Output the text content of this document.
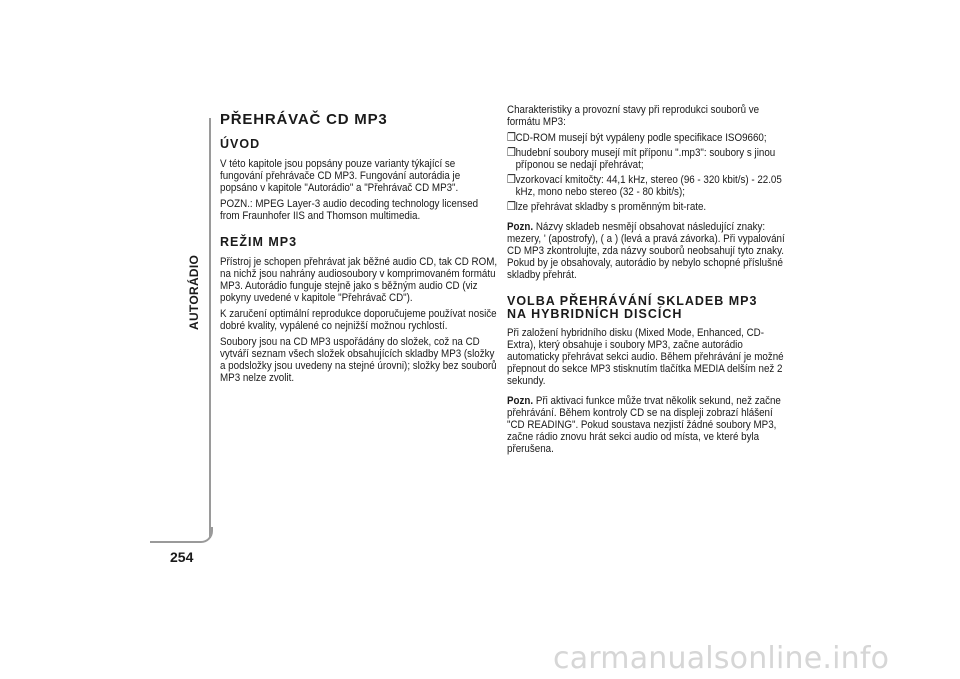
AUTORÁDIO
254
PŘEHRÁVAČ CD MP3
ÚVOD

V této kapitole jsou popsány pouze varianty týkající se fungování přehrávače CD MP3. Fungování autorádia je popsáno v kapitole "Autorádio" a "Přehrávač CD MP3".

POZN.: MPEG Layer-3 audio decoding technology licensed from Fraunhofer IIS and Thomson multimedia.

REŽIM MP3

Přístroj je schopen přehrávat jak běžné audio CD, tak CD ROM, na nichž jsou nahrány audiosoubory v komprimovaném formátu MP3. Autorádio funguje stejně jako s běžným audio CD (viz pokyny uvedené v kapitole "Přehrávač CD").

K zaručení optimální reprodukce doporučujeme používat nosiče dobré kvality, vypálené co nejnižší možnou rychlostí.

Soubory jsou na CD MP3 uspořádány do složek, což na CD vytváří seznam všech složek obsahujících skladby MP3 (složky a podsložky jsou uvedeny na stejné úrovni); složky bez souborů MP3 nelze zvolit.

Charakteristiky a provozní stavy při reprodukci souborů ve formátu MP3:

❒ CD-ROM musejí být vypáleny podle specifikace ISO9660;
❒ hudební soubory musejí mít příponu ".mp3": soubory s jinou příponou se nedají přehrávat;
❒ vzorkovací kmitočty: 44,1 kHz, stereo (96 - 320 kbit/s) - 22.05 kHz, mono nebo stereo (32 - 80 kbit/s);
❒ lze přehrávat skladby s proměnným bit-rate.

Pozn. Názvy skladeb nesmějí obsahovat následující znaky: mezery, ' (apostrofy), ( a ) (levá a pravá závorka). Při vypalování CD MP3 zkontrolujte, zda názvy souborů neobsahují tyto znaky. Pokud by je obsahovaly, autorádio by nebylo schopné příslušné skladby přehrát.

VOLBA PŘEHRÁVÁNÍ SKLADEB MP3
NA HYBRIDNÍCH DISCÍCH

Při založení hybridního disku (Mixed Mode, Enhanced, CD-Extra), který obsahuje i soubory MP3, začne autorádio automaticky přehrávat sekci audio. Během přehrávání je možné přepnout do sekce MP3 stisknutím tlačítka MEDIA delším než 2 sekundy.

Pozn. Při aktivaci funkce může trvat několik sekund, než začne přehrávání. Během kontroly CD se na displeji zobrazí hlášení "CD READING". Pokud soustava nezjistí žádné soubory MP3, začne rádio znovu hrát sekci audio od místa, ve které byla přerušena.

carmanualsonline.info
